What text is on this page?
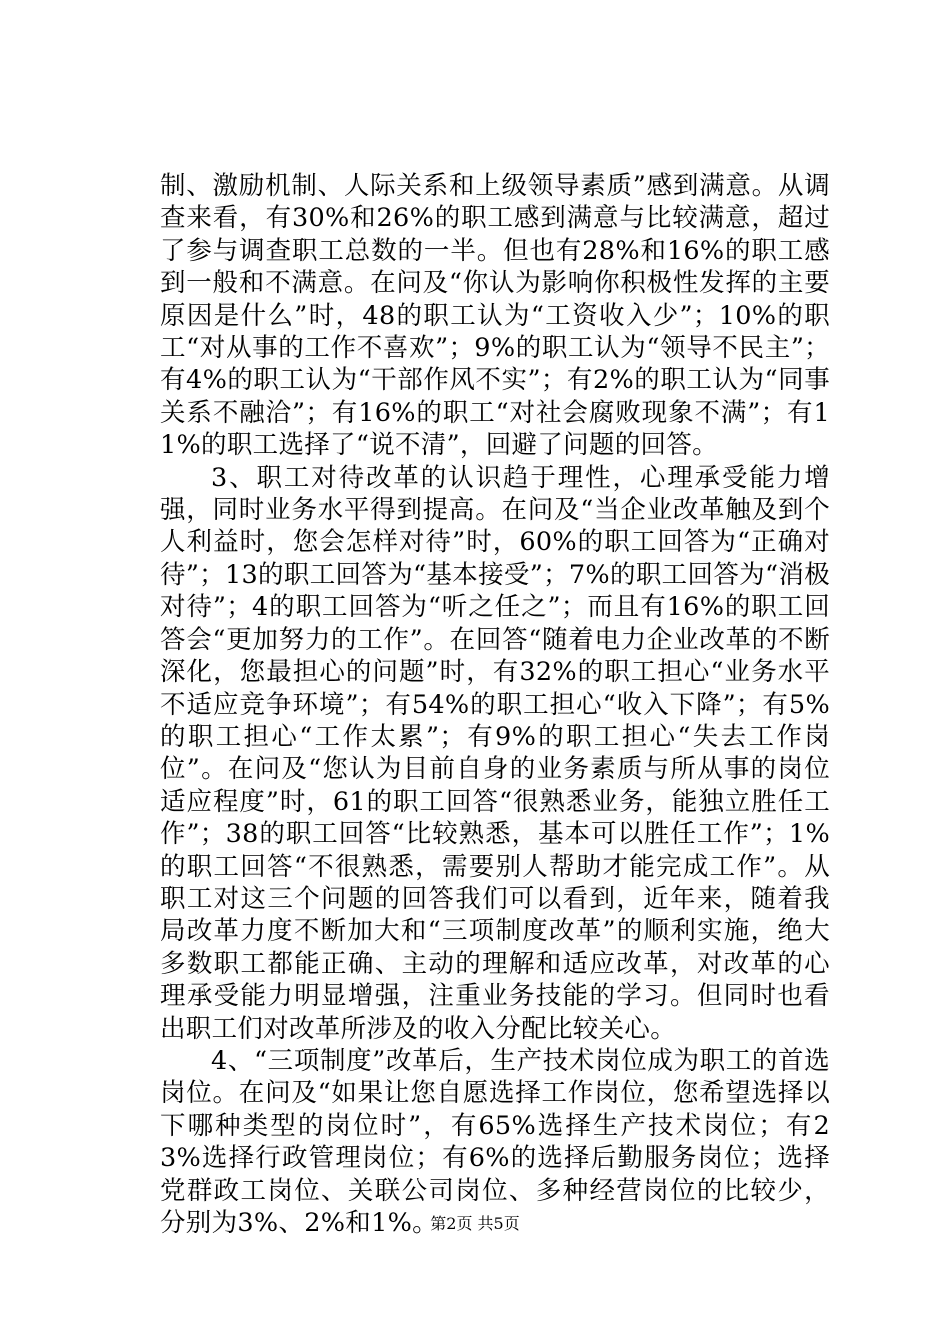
制、激励机制、人际关系和上级领导素质”感到满意。从调查来看，有30%和26%的职工感到满意与比较满意，超过了参与调查职工总数的一半。但也有28%和16%的职工感到一般和不满意。在问及“你认为影响你积极性发挥的主要原因是什么”时，48的职工认为“工资收入少”；10%的职工“对从事的工作不喜欢”；9%的职工认为“领导不民主”；有4%的职工认为“干部作风不实”；有2%的职工认为“同事关系不融洽”；有16%的职工“对社会腐败现象不满”；有11%的职工选择了“说不清”，回避了问题的回答。

3、职工对待改革的认识趋于理性，心理承受能力增强，同时业务水平得到提高。在问及“当企业改革触及到个人利益时，您会怎样对待”时，60%的职工回答为“正确对待”；13的职工回答为“基本接受”；7%的职工回答为“消极对待”；4的职工回答为“听之任之”；而且有16%的职工回答会“更加努力的工作”。在回答“随着电力企业改革的不断深化，您最担心的问题”时，有32%的职工担心“业务水平不适应竞争环境”；有54%的职工担心“收入下降”；有5%的职工担心“工作太累”；有9%的职工担心“失去工作岗位”。在问及“您认为目前自身的业务素质与所从事的岗位适应程度”时，61的职工回答“很熟悉业务，能独立胜任工作”；38的职工回答“比较熟悉，基本可以胜任工作”；1%的职工回答“不很熟悉，需要别人帮助才能完成工作”。从职工对这三个问题的回答我们可以看到，近年来，随着我局改革力度不断加大和“三项制度改革”的顺利实施，绝大多数职工都能正确、主动的理解和适应改革，对改革的心理承受能力明显增强，注重业务技能的学习。但同时也看出职工们对改革所涉及的收入分配比较关心。

4、“三项制度”改革后，生产技术岗位成为职工的首选岗位。在问及“如果让您自愿选择工作岗位，您希望选择以下哪种类型的岗位时”，有65%选择生产技术岗位；有23%选择行政管理岗位；有6%的选择后勤服务岗位；选择党群政工岗位、关联公司岗位、多种经营岗位的比较少，分别为3%、2%和1%。

第2页 共5页
